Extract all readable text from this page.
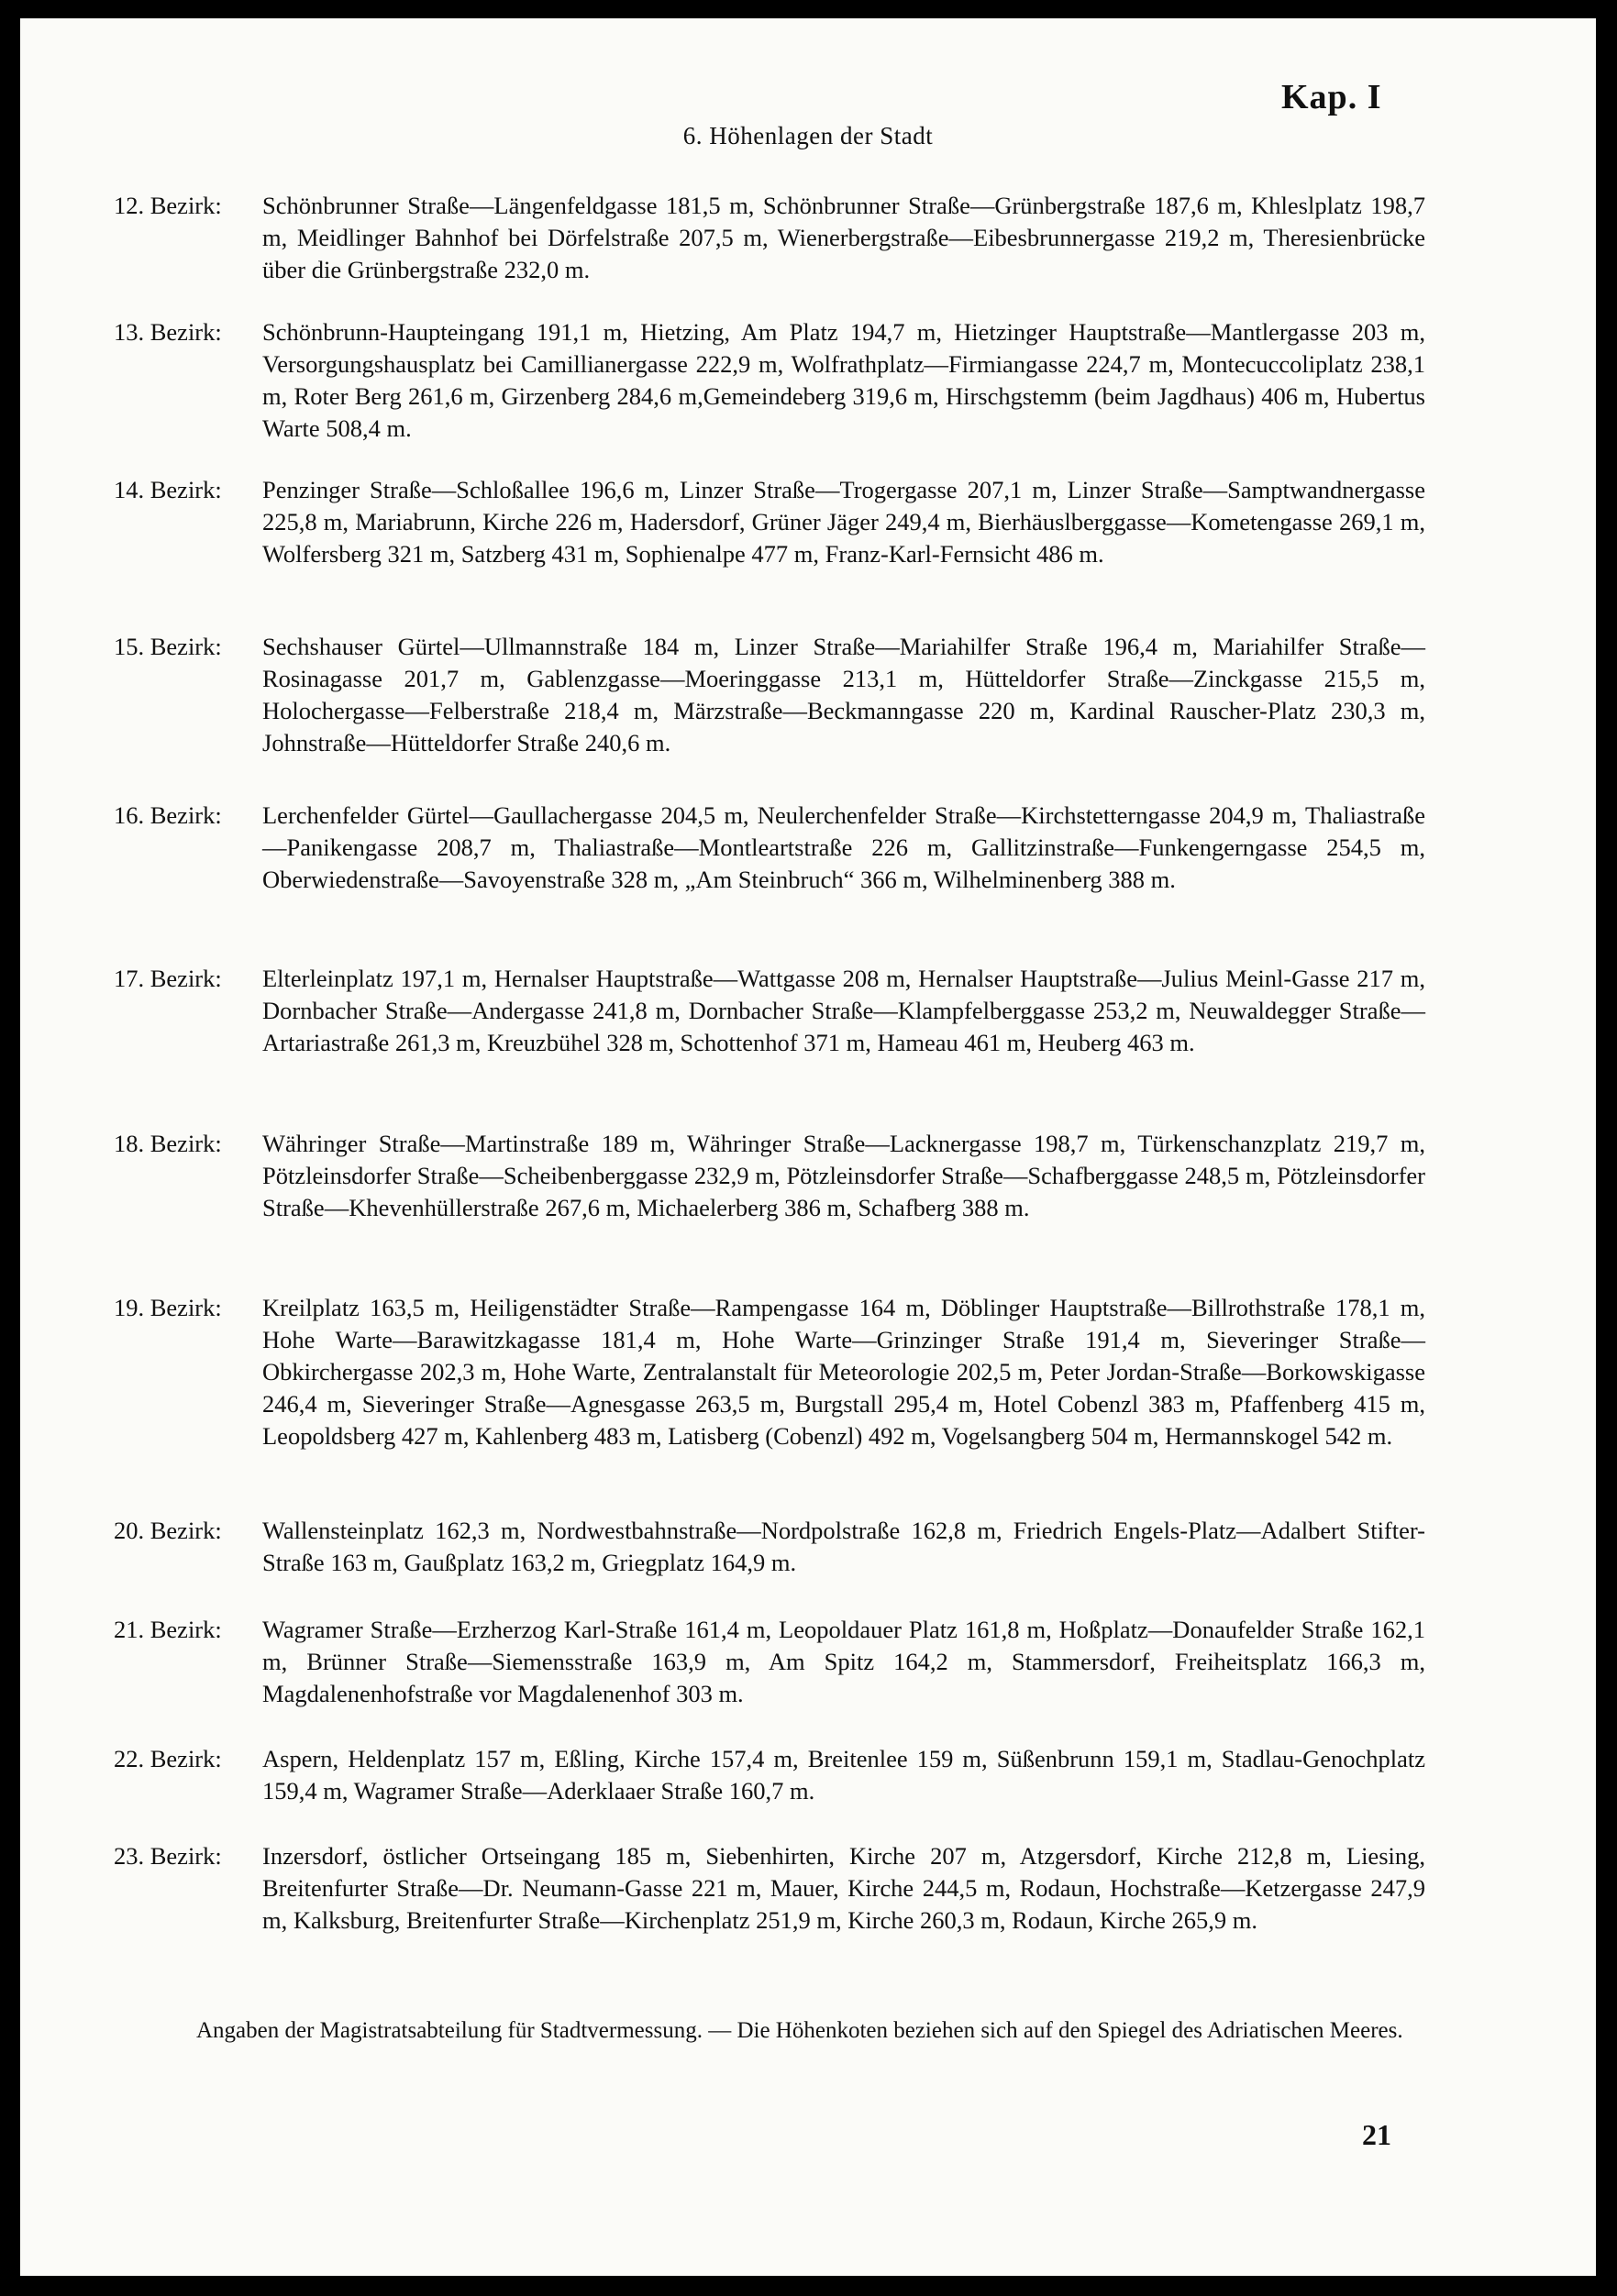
Kap. I
6. Höhenlagen der Stadt
12. Bezirk:	Schönbrunner Straße—Längenfeldgasse 181,5 m, Schönbrunner Straße—Grünbergstraße 187,6 m, Khleslplatz 198,7 m, Meidlinger Bahnhof bei Dörfelstraße 207,5 m, Wienerbergstraße—Eibesbrunnergasse 219,2 m, Theresienbrücke über die Grünbergstraße 232,0 m.
13. Bezirk:	Schönbrunn-Haupteingang 191,1 m, Hietzing, Am Platz 194,7 m, Hietzinger Hauptstraße—Mantlergasse 203 m, Versorgungshausplatz bei Camillianergasse 222,9 m, Wolfrathplatz—Firmiangasse 224,7 m, Montecuccoliplatz 238,1 m, Roter Berg 261,6 m, Girzenberg 284,6 m,Gemeindeberg 319,6 m, Hirschgstemm (beim Jagdhaus) 406 m, Hubertus Warte 508,4 m.
14. Bezirk:	Penzinger Straße—Schloßallee 196,6 m, Linzer Straße—Trogergasse 207,1 m, Linzer Straße—Samptwandnergasse 225,8 m, Mariabrunn, Kirche 226 m, Hadersdorf, Grüner Jäger 249,4 m, Bierhäuslberggasse—Kometengasse 269,1 m, Wolfersberg 321 m, Satzberg 431 m, Sophienalpe 477 m, Franz-Karl-Fernsicht 486 m.
15. Bezirk:	Sechshauser Gürtel—Ullmannstraße 184 m, Linzer Straße—Mariahilfer Straße 196,4 m, Mariahilfer Straße—Rosinagasse 201,7 m, Gablenzgasse—Moeringgasse 213,1 m, Hütteldorfer Straße—Zinckgasse 215,5 m, Holochergasse—Felberstraße 218,4 m, Märzstraße—Beckmanngasse 220 m, Kardinal Rauscher-Platz 230,3 m, Johnstraße—Hütteldorfer Straße 240,6 m.
16. Bezirk:	Lerchenfelder Gürtel—Gaullachergasse 204,5 m, Neulerchenfelder Straße—Kirchstetterngasse 204,9 m, Thaliastraße—Panikengasse 208,7 m, Thaliastraße—Montleartstraße 226 m, Gallitzinstraße—Funkengerngasse 254,5 m, Oberwiedenstraße—Savoyenstraße 328 m, „Am Steinbruch“ 366 m, Wilhelminenberg 388 m.
17. Bezirk:	Elterleinplatz 197,1 m, Hernalser Hauptstraße—Wattgasse 208 m, Hernalser Hauptstraße—Julius Meinl-Gasse 217 m, Dornbacher Straße—Andergasse 241,8 m, Dornbacher Straße—Klampfelberggasse 253,2 m, Neuwaldegger Straße—Artariastraße 261,3 m, Kreuzbühel 328 m, Schottenhof 371 m, Hameau 461 m, Heuberg 463 m.
18. Bezirk:	Währinger Straße—Martinstraße 189 m, Währinger Straße—Lacknergasse 198,7 m, Türkenschanzplatz 219,7 m, Pötzleinsdorfer Straße—Scheibenberggasse 232,9 m, Pötzleinsdorfer Straße—Schafberggasse 248,5 m, Pötzleinsdorfer Straße—Khevenhüllerstraße 267,6 m, Michaelerberg 386 m, Schafberg 388 m.
19. Bezirk:	Kreilplatz 163,5 m, Heiligenstädter Straße—Rampengasse 164 m, Döblinger Hauptstraße—Billrothstraße 178,1 m, Hohe Warte—Barawitzkagasse 181,4 m, Hohe Warte—Grinzinger Straße 191,4 m, Sieveringer Straße—Obkirchergasse 202,3 m, Hohe Warte, Zentralanstalt für Meteorologie 202,5 m, Peter Jordan-Straße—Borkowskigasse 246,4 m, Sieveringer Straße—Agnesgasse 263,5 m, Burgstall 295,4 m, Hotel Cobenzl 383 m, Pfaffenberg 415 m, Leopoldsberg 427 m, Kahlenberg 483 m, Latisberg (Cobenzl) 492 m, Vogelsangberg 504 m, Hermannskogel 542 m.
20. Bezirk:	Wallensteinplatz 162,3 m, Nordwestbahnstraße—Nordpolstraße 162,8 m, Friedrich Engels-Platz—Adalbert Stifter-Straße 163 m, Gaußplatz 163,2 m, Griegplatz 164,9 m.
21. Bezirk:	Wagramer Straße—Erzherzog Karl-Straße 161,4 m, Leopoldauer Platz 161,8 m, Hoßplatz—Donaufelder Straße 162,1 m, Brünner Straße—Siemensstraße 163,9 m, Am Spitz 164,2 m, Stammersdorf, Freiheitsplatz 166,3 m, Magdalenenhofstraße vor Magdalenenhof 303 m.
22. Bezirk:	Aspern, Heldenplatz 157 m, Eßling, Kirche 157,4 m, Breitenlee 159 m, Süßenbrunn 159,1 m, Stadlau-Genochplatz 159,4 m, Wagramer Straße—Aderklaaer Straße 160,7 m.
23. Bezirk:	Inzersdorf, östlicher Ortseingang 185 m, Siebenhirten, Kirche 207 m, Atzgersdorf, Kirche 212,8 m, Liesing, Breitenfurter Straße—Dr. Neumann-Gasse 221 m, Mauer, Kirche 244,5 m, Rodaun, Hochstraße—Ketzergasse 247,9 m, Kalksburg, Breitenfurter Straße—Kirchenplatz 251,9 m, Kirche 260,3 m, Rodaun, Kirche 265,9 m.
Angaben der Magistratsabteilung für Stadtvermessung. — Die Höhenkoten beziehen sich auf den Spiegel des Adriatischen Meeres.
21
